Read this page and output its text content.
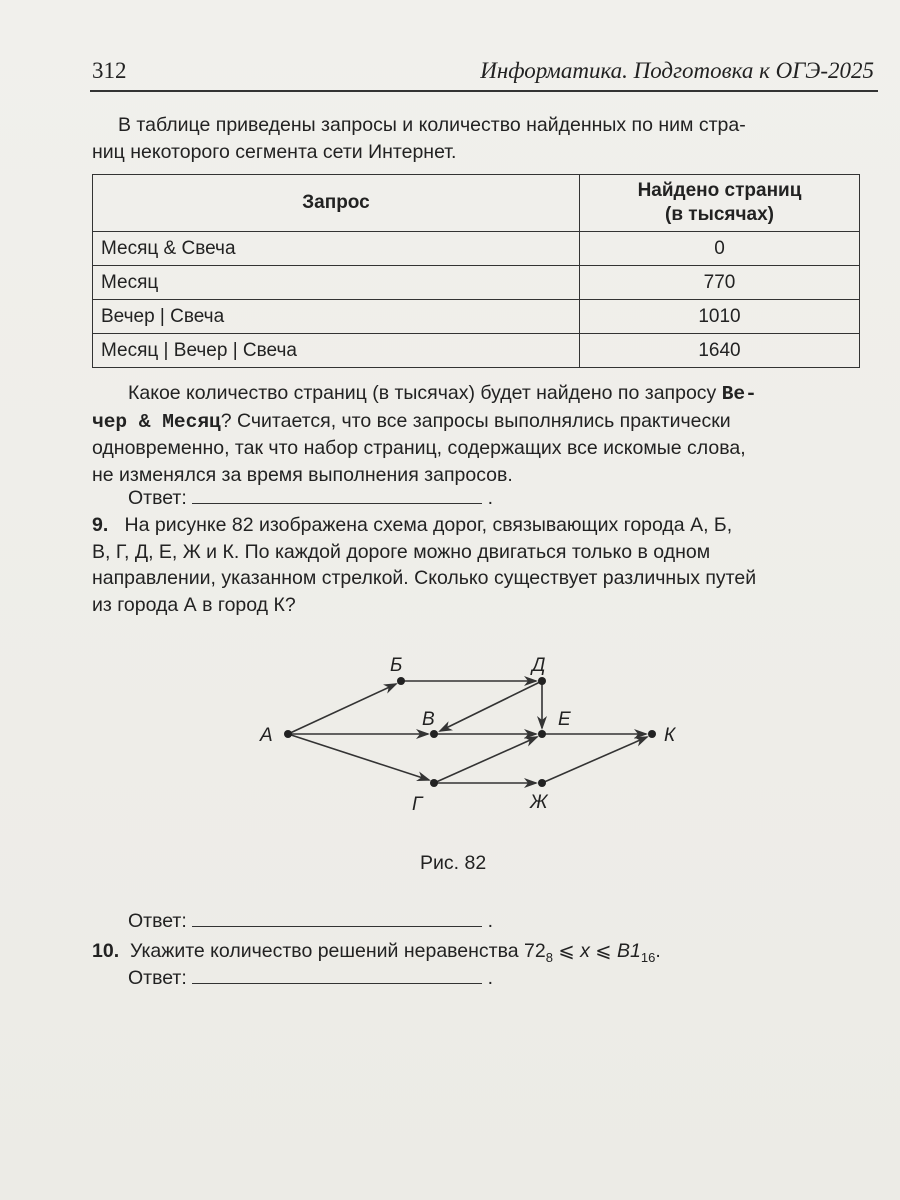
312	Информатика. Подготовка к ОГЭ-2025
В таблице приведены запросы и количество найденных по ним стра-
ниц некоторого сегмента сети Интернет.
Запрос	Найдено страниц
(в тысячах)

Месяц & Свеча	0
Месяц	770
Вечер | Свеча	1010
Месяц | Вечер | Свеча	1640
Какое количество страниц (в тысячах) будет найдено по запросу Ве-
чер & Месяц? Считается, что все запросы выполнялись практически
одновременно, так что набор страниц, содержащих все искомые слова,
не изменялся за время выполнения запросов.
Ответ:	.
9. На рисунке 82 изображена схема дорог, связывающих города А, Б,
В, Г, Д, Е, Ж и К. По каждой дороге можно двигаться только в одном
направлении, указанном стрелкой. Сколько существует различных путей
из города А в город К?
А
Б	Д
В	Е
К
Г	Ж
Рис. 82
Ответ:	.
10. Укажите количество решений неравенства $72_8$ ⩽ x ⩽ $B1_{16}$.
Ответ:	.
